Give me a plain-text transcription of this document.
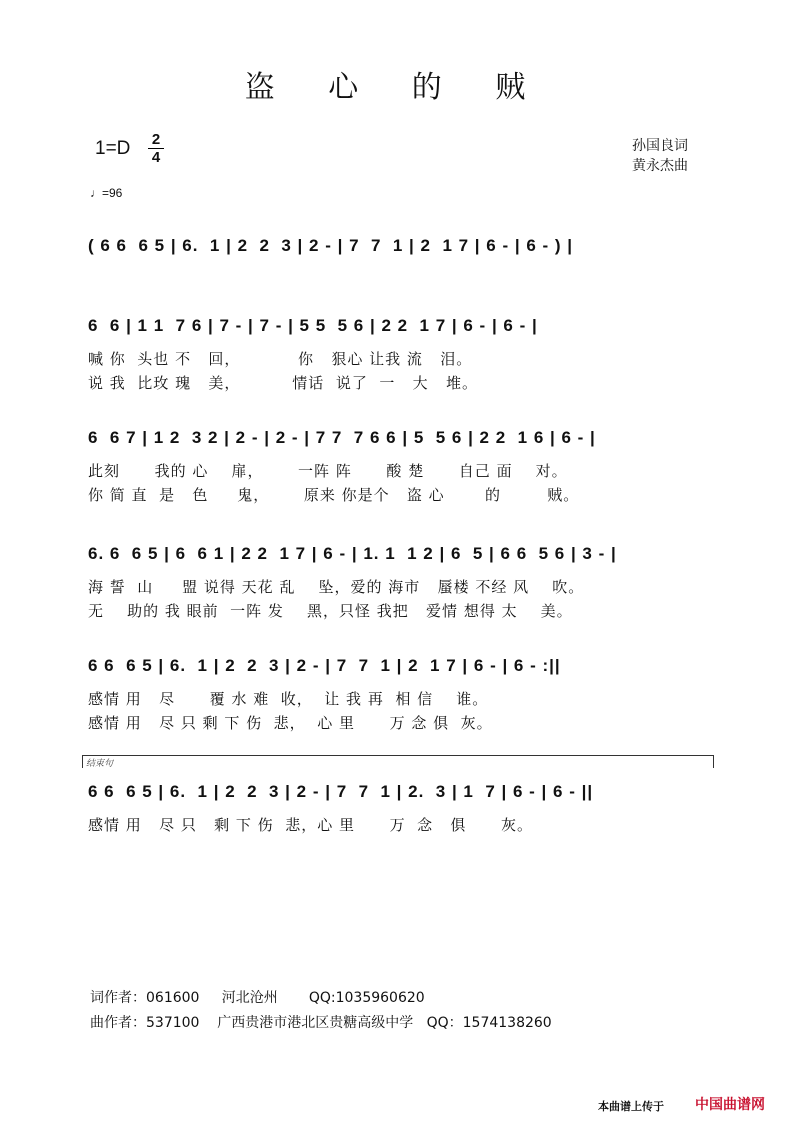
盗 心 的 贼
1=D 2
4
孙国良词
黄永杰曲
♩=96
( 6 6  6 5 | 6.  1 | 2  2  3 | 2 - | 7  7  1 | 2  1 7 | 6 - | 6 - ) |
6  6 | 1 1  7 6 | 7 - | 7 - | 5 5  5 6 | 2 2  1 7 | 6 - | 6 - |
喊 你  头也 不   回，          你   狠心 让我 流   泪。
说 我  比玫 瑰   美，         情话  说了  一   大   堆。
6  6 7 | 1 2  3 2 | 2 - | 2 - | 7 7  7 6 6 | 5  5 6 | 2 2  1 6 | 6 - |
此刻      我的 心    扉，      一阵 阵      酸 楚      自己 面    对。
你 简 直  是   色     鬼，      原来 你是个   盗 心       的        贼。
6. 6  6 5 | 6  6 1 | 2 2  1 7 | 6 - | 1. 1  1 2 | 6  5 | 6 6  5 6 | 3 - |
海 誓  山     盟 说得 天花 乱    坠，爱的 海市   蜃楼 不经 风    吹。
无    助的 我 眼前  一阵 发    黑，只怪 我把   爱情 想得 太    美。
6 6  6 5 | 6.  1 | 2  2  3 | 2 - | 7  7  1 | 2  1 7 | 6 - | 6 - :||
感情 用   尽      覆 水 难  收，  让 我 再  相 信    谁。
感情 用   尽 只 剩 下 伤  悲，  心 里      万 念 俱  灰。
结束句
6 6  6 5 | 6.  1 | 2  2  3 | 2 - | 7  7  1 | 2.  3 | 1  7 | 6 - | 6 - ||
感情 用   尽 只   剩 下 伤  悲，心 里      万  念   俱      灰。
词作者：061600     河北沧州       QQ:1035960620
曲作者：537100    广西贵港市港北区贵糖高级中学   QQ：1574138260
本曲谱上传于 中国曲谱网
